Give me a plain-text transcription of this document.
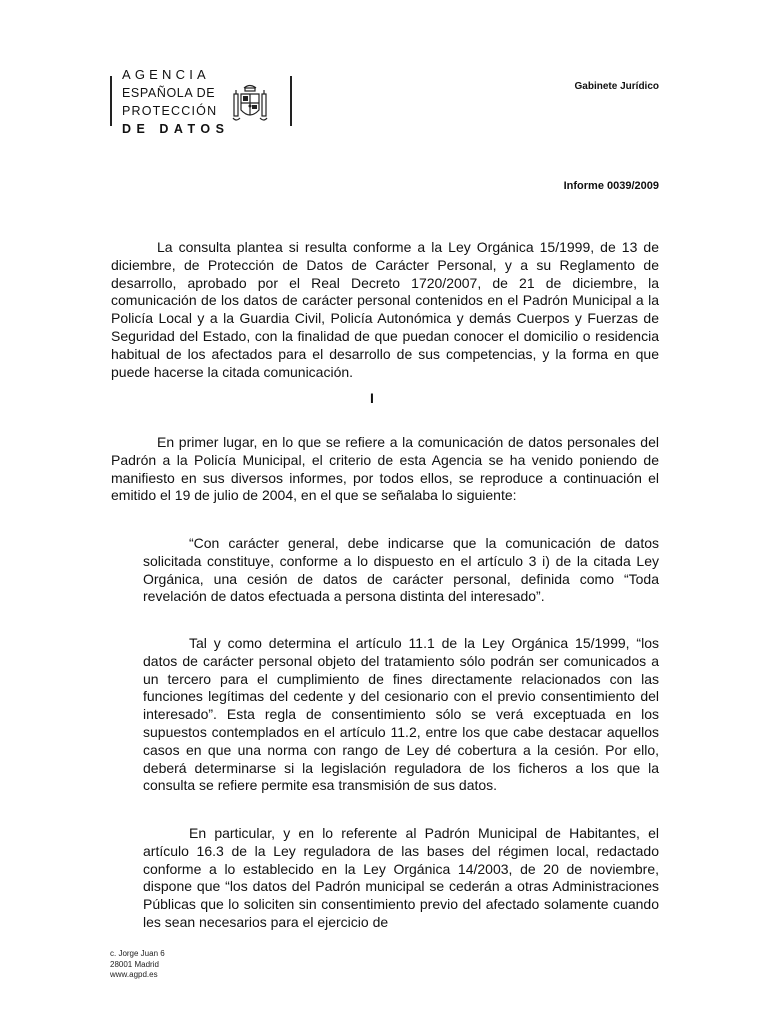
AGENCIA
ESPAÑOLA DE
PROTECCIÓN
DE DATOS
Gabinete Jurídico
Informe 0039/2009

La consulta plantea si resulta conforme a la Ley Orgánica 15/1999, de 13 de diciembre, de Protección de Datos de Carácter Personal, y a su Reglamento de desarrollo, aprobado por el Real Decreto 1720/2007, de 21 de diciembre, la comunicación de los datos de carácter personal contenidos en el Padrón Municipal a la Policía Local y a la Guardia Civil, Policía Autonómica y demás Cuerpos y Fuerzas de Seguridad del Estado, con la finalidad de que puedan conocer el domicilio o residencia habitual de los afectados para el desarrollo de sus competencias, y la forma en que puede hacerse la citada comunicación.

I

En primer lugar, en lo que se refiere a la comunicación de datos personales del Padrón a la Policía Municipal, el criterio de esta Agencia se ha venido poniendo de manifiesto en sus diversos informes, por todos ellos, se reproduce a continuación el emitido el 19 de julio de 2004, en el que se señalaba lo siguiente:

“Con carácter general, debe indicarse que la comunicación de datos solicitada constituye, conforme a lo dispuesto en el artículo 3 i) de la citada Ley Orgánica, una cesión de datos de carácter personal, definida como “Toda revelación de datos efectuada a persona distinta del interesado”.

Tal y como determina el artículo 11.1 de la Ley Orgánica 15/1999, “los datos de carácter personal objeto del tratamiento sólo podrán ser comunicados a un tercero para el cumplimiento de fines directamente relacionados con las funciones legítimas del cedente y del cesionario con el previo consentimiento del interesado”. Esta regla de consentimiento sólo se verá exceptuada en los supuestos contemplados en el artículo 11.2, entre los que cabe destacar aquellos casos en que una norma con rango de Ley dé cobertura a la cesión. Por ello, deberá determinarse si la legislación reguladora de los ficheros a los que la consulta se refiere permite esa transmisión de sus datos.

En particular, y en lo referente al Padrón Municipal de Habitantes, el artículo 16.3 de la Ley reguladora de las bases del régimen local, redactado conforme a lo establecido en la Ley Orgánica 14/2003, de 20 de noviembre, dispone que “los datos del Padrón municipal se cederán a otras Administraciones Públicas que lo soliciten sin consentimiento previo del afectado solamente cuando les sean necesarios para el ejercicio de

c. Jorge Juan 6
28001 Madrid
www.agpd.es
